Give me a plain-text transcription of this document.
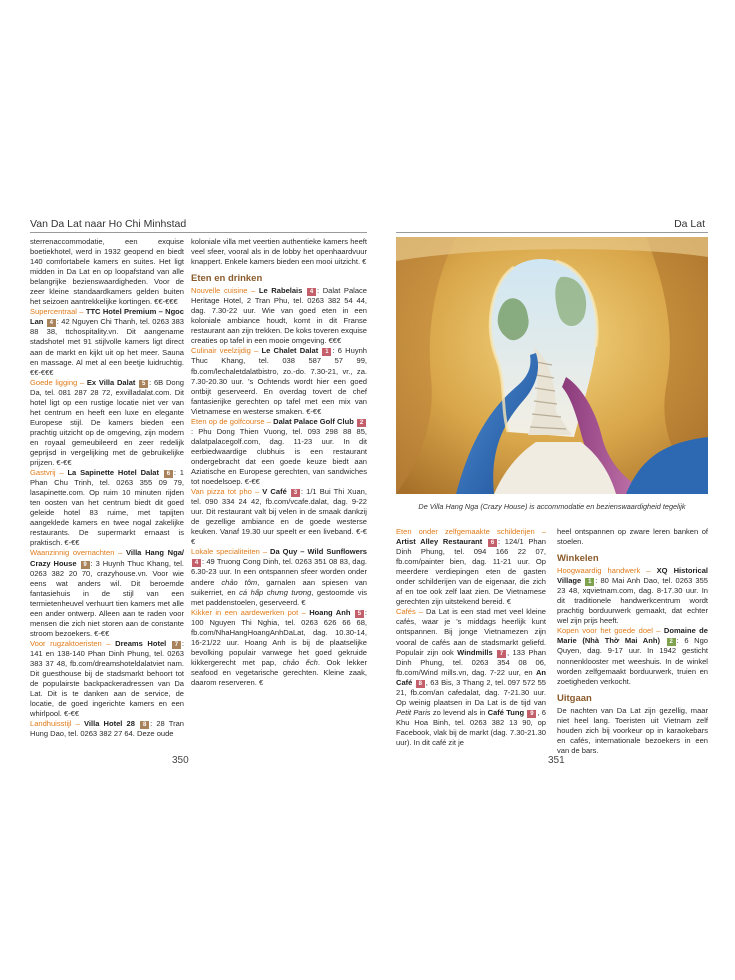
Van Da Lat naar Ho Chi Minhstad	Da Lat

sterrenaccommodatie, een exquise boetiekhotel, werd in 1932 geopend en biedt 140 comfortabele kamers en suites. Het ligt midden in Da Lat en op loopafstand van alle belangrijke bezienswaardigheden. Voor de zeer kleine standaardkamers gelden buiten het seizoen aantrekkelijke kortingen. €€-€€€

Supercentraal – TTC Hotel Premium – Ngoc Lan 4 : 42 Nguyen Chi Thanh, tel. 0263 383 88 38, ttchospitality.vn. Dit aangename stadshotel met 91 stijlvolle kamers ligt direct aan de markt en kijkt uit op het meer. Sauna en massage. Al met al een beetje luidruchtig. €€-€€€

Goede ligging – Ex Villa Dalat 5 : 6B Dong Da, tel. 081 287 28 72, exvilladalat.com. Dit hotel ligt op een rustige locatie niet ver van het centrum en heeft een luxe en elegante Europese stijl. De kamers bieden een prachtig uitzicht op de omgeving, zijn modern en royaal gemeubileerd en zeer redelijk geprijsd in vergelijking met de gebruikelijke prijzen. €-€€

Gastvrij – La Sapinette Hotel Dalat 6 : 1 Phan Chu Trinh, tel. 0263 355 09 79, lasapinette.com. Op ruim 10 minuten rijden ten oosten van het centrum biedt dit goed geleide hotel 83 ruime, met tapijten aangeklede kamers en twee nogal zakelijke restaurants. De supermarkt ernaast is praktisch. €-€€

Waanzinnig overnachten – Villa Hang Nga/ Crazy House 9 : 3 Huynh Thuc Khang, tel. 0263 382 20 70, crazyhouse.vn. Voor wie eens wat anders wil. Dit beroemde fantasiehuis in de stijl van een termietenheuvel verhuurt tien kamers met alle een ander ontwerp. Alleen aan te raden voor mensen die zich niet storen aan de constante stroom bezoekers. €-€€

Voor rugzaktoeristen – Dreams Hotel 7 : 141 en 138-140 Phan Dinh Phung, tel. 0263 383 37 48, fb.com/dreamshoteldalatviet nam. Dit guesthouse bij de stadsmarkt behoort tot de populairste backpackeradressen van Da Lat. Dit is te danken aan de service, de locatie, de goed ingerichte kamers en een whirlpool. €-€€

Landhuisstijl – Villa Hotel 28 8 : 28 Tran Hung Dao, tel. 0263 382 27 64. Deze oude

koloniale villa met veertien authentieke kamers heeft veel sfeer, vooral als in de lobby het openhaardvuur knappert. Enkele kamers bieden een mooi uitzicht. €

Eten en drinken

Nouvelle cuisine – Le Rabelais 4 : Dalat Palace Heritage Hotel, 2 Tran Phu, tel. 0263 382 54 44, dag. 7.30-22 uur. Wie van goed eten in een koloniale ambiance houdt, komt in dit Franse restaurant aan zijn trekken. De koks toveren exquise creaties op tafel in een mooie omgeving. €€€

Culinair veelzijdig – Le Chalet Dalat 1 : 6 Huynh Thuc Khang, tel. 038 587 57 99, fb.com/lechaletdalatbistro, zo.-do. 7.30-21, vr., za. 7.30-20.30 uur. 's Ochtends wordt hier een goed ontbijt geserveerd. En overdag tovert de chef fantasierijke gerechten op tafel met een mix van Vietnamese en westerse smaken. €-€€

Eten op de golfcourse – Dalat Palace Golf Club 2: Phu Dong Thien Vuong, tel. 093 298 88 85, dalatpalacegolf.com, dag. 11-23 uur. In dit eerbiedwaardige clubhuis is een restaurant ondergebracht dat een goede keuze biedt aan Aziatische en Europese gerechten, van sandwiches tot noedelsoep. €-€€

Van pizza tot pho – V Café 3 : 1/1 Bui Thi Xuan, tel. 090 334 24 42, fb.com/vcafe.dalat, dag. 9-22 uur. Dit restaurant valt bij velen in de smaak dankzij de gezellige ambiance en de goede westerse keuken. Vanaf 19.30 uur speelt er een liveband. €-€€

Lokale specialiteiten – Da Quy – Wild Sunflowers 4 : 49 Truong Cong Dinh, tel. 0263 351 08 83, dag. 6.30-23 uur. In een ontspannen sfeer worden onder andere chảo tôm, garnalen aan spiesen van suikerriet, en cá hấp chưng tương, gestoomde vis met paddenstoelen, geserveerd. €

Kikker in een aardewerken pot – Hoang Anh 5 : 100 Nguyen Thi Nghia, tel. 0263 626 66 68, fb.com/NhaHangHoangAnhDaLat, dag. 10.30-14, 16-21/22 uur. Hoang Anh is bij de plaatselijke bevolking populair vanwege het goed gekruide kikkergerecht met pap, chảo ếch. Ook lekker seafood en vegetarische gerechten. Kleine zaak, daarom reserveren. €

350
De Villa Hang Nga (Crazy House) is accommodatie en bezienswaardigheid tegelijk

Eten onder zelfgemaakte schilderijen – Artist Alley Restaurant 6 : 124/1 Phan Dinh Phung, tel. 094 166 22 07, fb.com/painter bien, dag. 11-21 uur. Op meerdere verdiepingen eten de gasten onder schilderijen van de eigenaar, die zich af en toe ook zelf laat zien. De Vietnamese gerechten zijn uitstekend bereid. €

Cafés – Da Lat is een stad met veel kleine cafés, waar je 's middags heerlijk kunt ontspannen. Bij jonge Vietnamezen zijn vooral de cafés aan de stadsmarkt geliefd. Populair zijn ook Windmills 7 , 133 Phan Dinh Phung, tel. 0263 354 08 06, fb.com/Wind mills.vn, dag. 7-22 uur, en An Café 8 , 63 Bis, 3 Thang 2, tel. 097 572 55 21, fb.com/an cafedalat, dag. 7-21.30 uur. Op weinig plaatsen in Da Lat is de tijd van Petit Paris zo levend als in Café Tung 9 , 6 Khu Hoa Binh, tel. 0263 382 13 90, op Facebook, vlak bij de markt (dag. 7.30-21.30 uur). In dit café zit je

heel ontspannen op zware leren banken of stoelen.

Winkelen

Hoogwaardig handwerk – XQ Historical Village 1 : 80 Mai Anh Dao, tel. 0263 355 23 48, xqvietnam.com, dag. 8-17.30 uur. In dit traditionele handwerkcentrum wordt prachtig borduurwerk gemaakt, dat echter wel zijn prijs heeft.

Kopen voor het goede doel – Domaine de Marie (Nhà Thờ Mai Anh) 2 : 6 Ngo Quyen, dag. 9-17 uur. In 1942 gesticht nonnenklooster met weeshuis. In de winkel worden zelfgemaakt borduurwerk, truien en zoetigheden verkocht.

Uitgaan

De nachten van Da Lat zijn gezellig, maar niet heel lang. Toeristen uit Vietnam zelf houden zich bij voorkeur op in karaokebars en cafés, internationale bezoekers in een van de bars.

351
